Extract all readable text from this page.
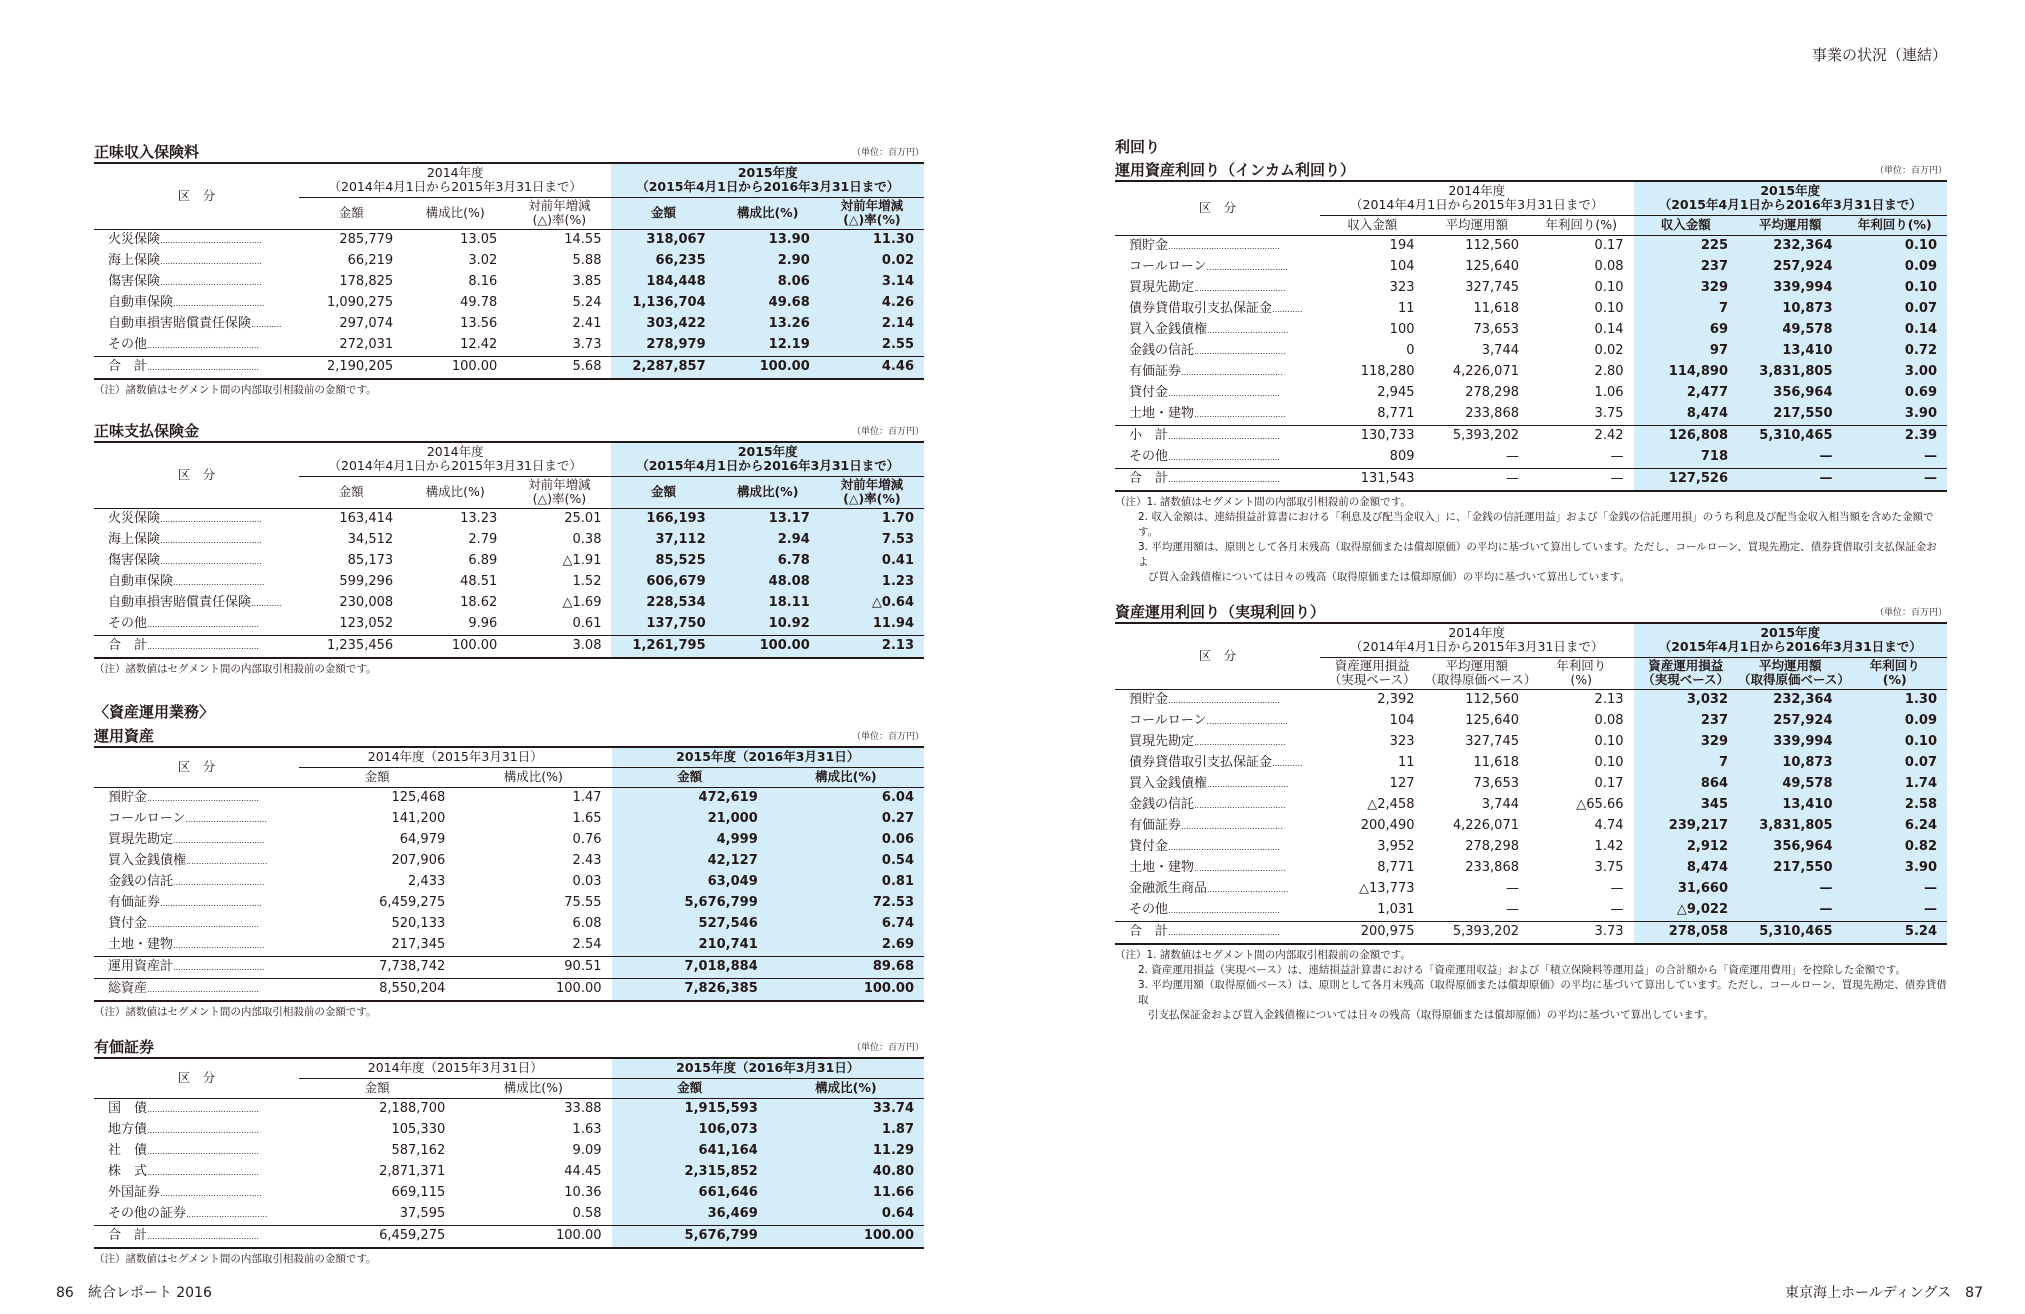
事業の状況（連結）
正味収入保険料	（単位：百万円）
区　分	2014年度
（2014年4月1日から2015年3月31日まで）			2015年度
（2015年4月1日から2016年3月31日まで）		
	金額	構成比(%)	対前年増減
(△)率(%)	金額	構成比(%)	対前年増減
(△)率(%)
火災保険........................................	285,779	13.05	14.55	318,067	13.90	11.30
海上保険........................................	66,219	3.02	5.88	66,235	2.90	0.02
傷害保険........................................	178,825	8.16	3.85	184,448	8.06	3.14
自動車保険....................................	1,090,275	49.78	5.24	1,136,704	49.68	4.26
自動車損害賠償責任保険............	297,074	13.56	2.41	303,422	13.26	2.14
その他............................................	272,031	12.42	3.73	278,979	12.19	2.55
合　計............................................	2,190,205	100.00	5.68	2,287,857	100.00	4.46
（注）諸数値はセグメント間の内部取引相殺前の金額です。
正味支払保険金	（単位：百万円）
区　分	2014年度
（2014年4月1日から2015年3月31日まで）			2015年度
（2015年4月1日から2016年3月31日まで）		
	金額	構成比(%)	対前年増減
(△)率(%)	金額	構成比(%)	対前年増減
(△)率(%)
火災保険........................................	163,414	13.23	25.01	166,193	13.17	1.70
海上保険........................................	34,512	2.79	0.38	37,112	2.94	7.53
傷害保険........................................	85,173	6.89	△1.91	85,525	6.78	0.41
自動車保険....................................	599,296	48.51	1.52	606,679	48.08	1.23
自動車損害賠償責任保険............	230,008	18.62	△1.69	228,534	18.11	△0.64
その他............................................	123,052	9.96	0.61	137,750	10.92	11.94
合　計............................................	1,235,456	100.00	3.08	1,261,795	100.00	2.13
（注）諸数値はセグメント間の内部取引相殺前の金額です。
〈資産運用業務〉
運用資産	（単位：百万円）
区　分	2014年度（2015年3月31日）		2015年度（2016年3月31日）	
	金額	構成比(%)	金額	構成比(%)
預貯金............................................	125,468	1.47	472,619	6.04
コールローン................................	141,200	1.65	21,000	0.27
買現先勘定....................................	64,979	0.76	4,999	0.06
買入金銭債権................................	207,906	2.43	42,127	0.54
金銭の信託....................................	2,433	0.03	63,049	0.81
有価証券........................................	6,459,275	75.55	5,676,799	72.53
貸付金............................................	520,133	6.08	527,546	6.74
土地・建物....................................	217,345	2.54	210,741	2.69
運用資産計....................................	7,738,742	90.51	7,018,884	89.68
総資産............................................	8,550,204	100.00	7,826,385	100.00
（注）諸数値はセグメント間の内部取引相殺前の金額です。
有価証券	（単位：百万円）
区　分	2014年度（2015年3月31日）		2015年度（2016年3月31日）	
	金額	構成比(%)	金額	構成比(%)
国　債............................................	2,188,700	33.88	1,915,593	33.74
地方債............................................	105,330	1.63	106,073	1.87
社　債............................................	587,162	9.09	641,164	11.29
株　式............................................	2,871,371	44.45	2,315,852	40.80
外国証券........................................	669,115	10.36	661,646	11.66
その他の証券................................	37,595	0.58	36,469	0.64
合　計............................................	6,459,275	100.00	5,676,799	100.00
（注）諸数値はセグメント間の内部取引相殺前の金額です。
利回り
運用資産利回り（インカム利回り）	（単位：百万円）
区　分	2014年度
（2014年4月1日から2015年3月31日まで）			2015年度
（2015年4月1日から2016年3月31日まで）		
	収入金額	平均運用額	年利回り(%)	収入金額	平均運用額	年利回り(%)
預貯金............................................	194	112,560	0.17	225	232,364	0.10
コールローン................................	104	125,640	0.08	237	257,924	0.09
買現先勘定....................................	323	327,745	0.10	329	339,994	0.10
債券貸借取引支払保証金............	11	11,618	0.10	7	10,873	0.07
買入金銭債権................................	100	73,653	0.14	69	49,578	0.14
金銭の信託....................................	0	3,744	0.02	97	13,410	0.72
有価証券........................................	118,280	4,226,071	2.80	114,890	3,831,805	3.00
貸付金............................................	2,945	278,298	1.06	2,477	356,964	0.69
土地・建物....................................	8,771	233,868	3.75	8,474	217,550	3.90
小　計............................................	130,733	5,393,202	2.42	126,808	5,310,465	2.39
その他............................................	809	—	—	718	—	—
合　計............................................	131,543	—	—	127,526	—	—
（注）1. 諸数値はセグメント間の内部取引相殺前の金額です。
2. 収入金額は、連結損益計算書における「利息及び配当金収入」に、「金銭の信託運用益」および「金銭の信託運用損」のうち利息及び配当金収入相当額を含めた金額です。
3. 平均運用額は、原則として各月末残高（取得原価または償却原価）の平均に基づいて算出しています。ただし、コールローン、買現先勘定、債券貸借取引支払保証金およ
び買入金銭債権については日々の残高（取得原価または償却原価）の平均に基づいて算出しています。
資産運用利回り（実現利回り）	（単位：百万円）
区　分	2014年度
（2014年4月1日から2015年3月31日まで）			2015年度
（2015年4月1日から2016年3月31日まで）		
	資産運用損益
（実現ベース）	平均運用額
（取得原価ベース）	年利回り
(%)	資産運用損益
（実現ベース）	平均運用額
（取得原価ベース）	年利回り
(%)
預貯金............................................	2,392	112,560	2.13	3,032	232,364	1.30
コールローン................................	104	125,640	0.08	237	257,924	0.09
買現先勘定....................................	323	327,745	0.10	329	339,994	0.10
債券貸借取引支払保証金............	11	11,618	0.10	7	10,873	0.07
買入金銭債権................................	127	73,653	0.17	864	49,578	1.74
金銭の信託....................................	△2,458	3,744	△65.66	345	13,410	2.58
有価証券........................................	200,490	4,226,071	4.74	239,217	3,831,805	6.24
貸付金............................................	3,952	278,298	1.42	2,912	356,964	0.82
土地・建物....................................	8,771	233,868	3.75	8,474	217,550	3.90
金融派生商品................................	△13,773	—	—	31,660	—	—
その他............................................	1,031	—	—	△9,022	—	—
合　計............................................	200,975	5,393,202	3.73	278,058	5,310,465	5.24
（注）1. 諸数値はセグメント間の内部取引相殺前の金額です。
2. 資産運用損益（実現ベース）は、連結損益計算書における「資産運用収益」および「積立保険料等運用益」の合計額から「資産運用費用」を控除した金額です。
3. 平均運用額（取得原価ベース）は、原則として各月末残高（取得原価または償却原価）の平均に基づいて算出しています。ただし、コールローン、買現先勘定、債券貸借取
引支払保証金および買入金銭債権については日々の残高（取得原価または償却原価）の平均に基づいて算出しています。
86　統合レポート 2016	東京海上ホールディングス　87
